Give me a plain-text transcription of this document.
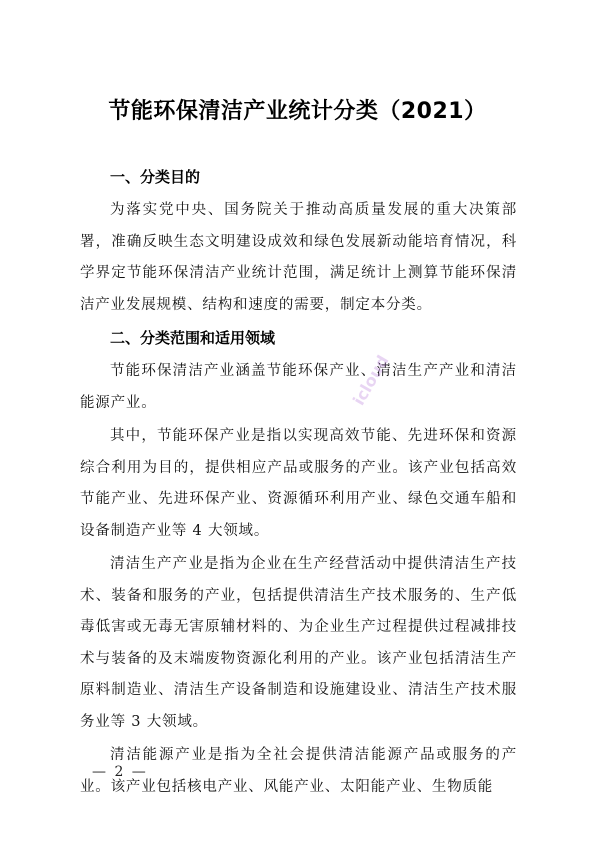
节能环保清洁产业统计分类（2021）

一、分类目的

为落实党中央、国务院关于推动高质量发展的重大决策部署，准确反映生态文明建设成效和绿色发展新动能培育情况，科学界定节能环保清洁产业统计范围，满足统计上测算节能环保清洁产业发展规模、结构和速度的需要，制定本分类。

二、分类范围和适用领域

节能环保清洁产业涵盖节能环保产业、清洁生产产业和清洁能源产业。

其中，节能环保产业是指以实现高效节能、先进环保和资源综合利用为目的，提供相应产品或服务的产业。该产业包括高效节能产业、先进环保产业、资源循环利用产业、绿色交通车船和设备制造产业等 4 大领域。

清洁生产产业是指为企业在生产经营活动中提供清洁生产技术、装备和服务的产业，包括提供清洁生产技术服务的、生产低毒低害或无毒无害原辅材料的、为企业生产过程提供过程减排技术与装备的及末端废物资源化利用的产业。该产业包括清洁生产原料制造业、清洁生产设备制造和设施建设业、清洁生产技术服务业等 3 大领域。

清洁能源产业是指为全社会提供清洁能源产品或服务的产业。该产业包括核电产业、风能产业、太阳能产业、生物质能

icloud
— 2 —
